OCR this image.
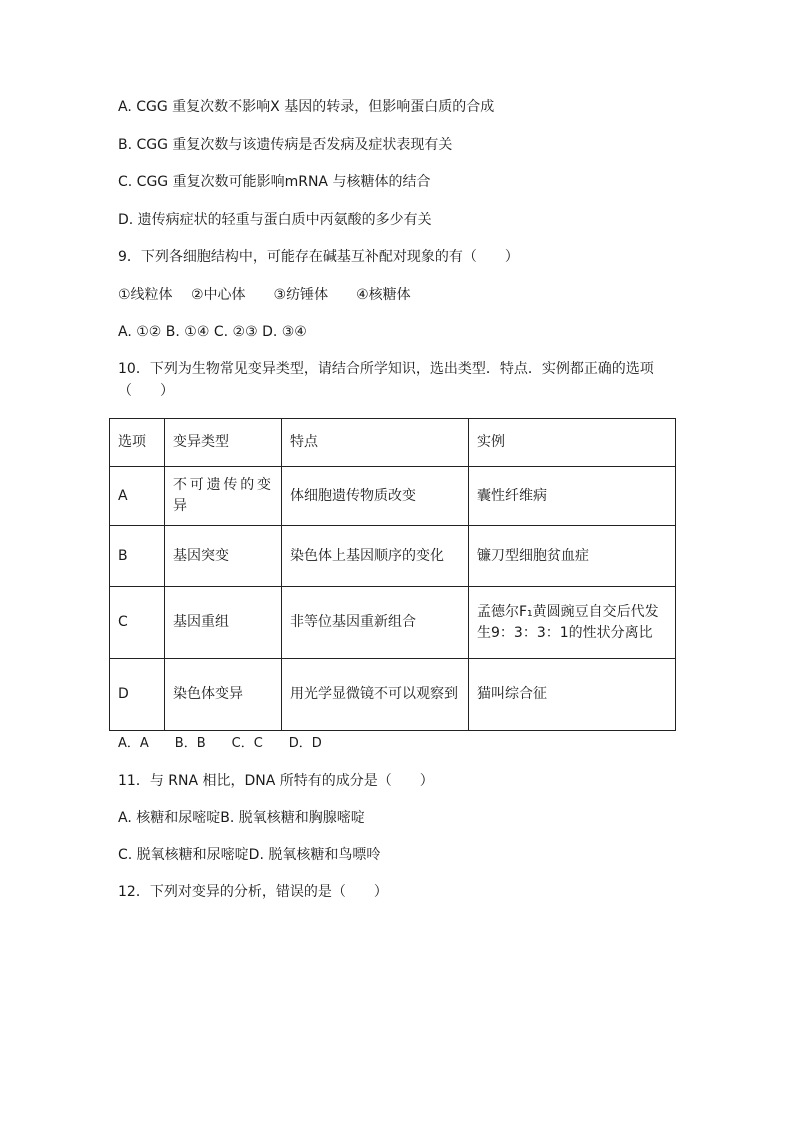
A. CGG 重复次数不影响X 基因的转录，但影响蛋白质的合成
B. CGG 重复次数与该遗传病是否发病及症状表现有关
C. CGG 重复次数可能影响mRNA 与核糖体的结合
D. 遗传病症状的轻重与蛋白质中丙氨酸的多少有关
9．下列各细胞结构中，可能存在碱基互补配对现象的有（　　）
①线粒体　 ②中心体　　③纺锤体　　④核糖体
A. ①② B. ①④ C. ②③ D. ③④
10．下列为生物常见变异类型，请结合所学知识，选出类型．特点．实例都正确的选项
（　　）
选项	变异类型	特点	实例
A	不可遗传的变异	体细胞遗传物质改变	囊性纤维病
B	基因突变	染色体上基因顺序的变化	镰刀型细胞贫血症
C	基因重组	非等位基因重新组合	孟德尔F₁黄圆豌豆自交后代发生9：3：3：1的性状分离比
D	染色体变异	用光学显微镜不可以观察到	猫叫综合征
A．A　　B．B　　C．C　　D．D
11．与 RNA 相比，DNA 所特有的成分是（　　）
A. 核糖和尿嘧啶B. 脱氧核糖和胸腺嘧啶
C. 脱氧核糖和尿嘧啶D. 脱氧核糖和鸟嘌呤
12．下列对变异的分析，错误的是（　　）
